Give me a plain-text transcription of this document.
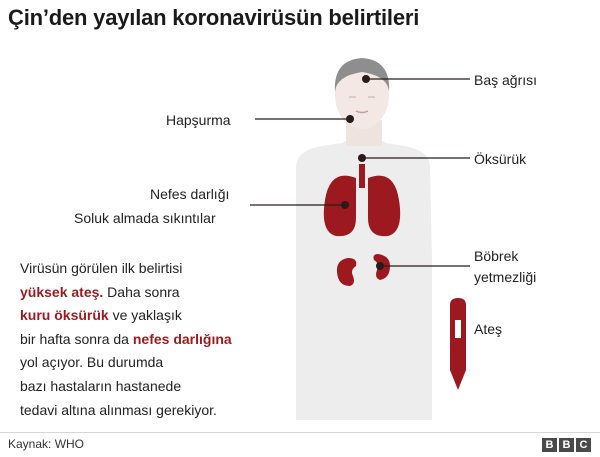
Çin’den yayılan koronavirüsün belirtileri
Baş ağrısı
Hapşurma
Öksürük
Nefes darlığı
Soluk almada sıkıntılar
Böbrek
yetmezliği
Ateş
Virüsün görülen ilk belirtisi
yüksek ateş. Daha sonra
kuru öksürük ve yaklaşık
bir hafta sonra da nefes darlığına
yol açıyor. Bu durumda
bazı hastaların hastanede
tedavi altına alınması gerekiyor.
Kaynak: WHO	B B C
